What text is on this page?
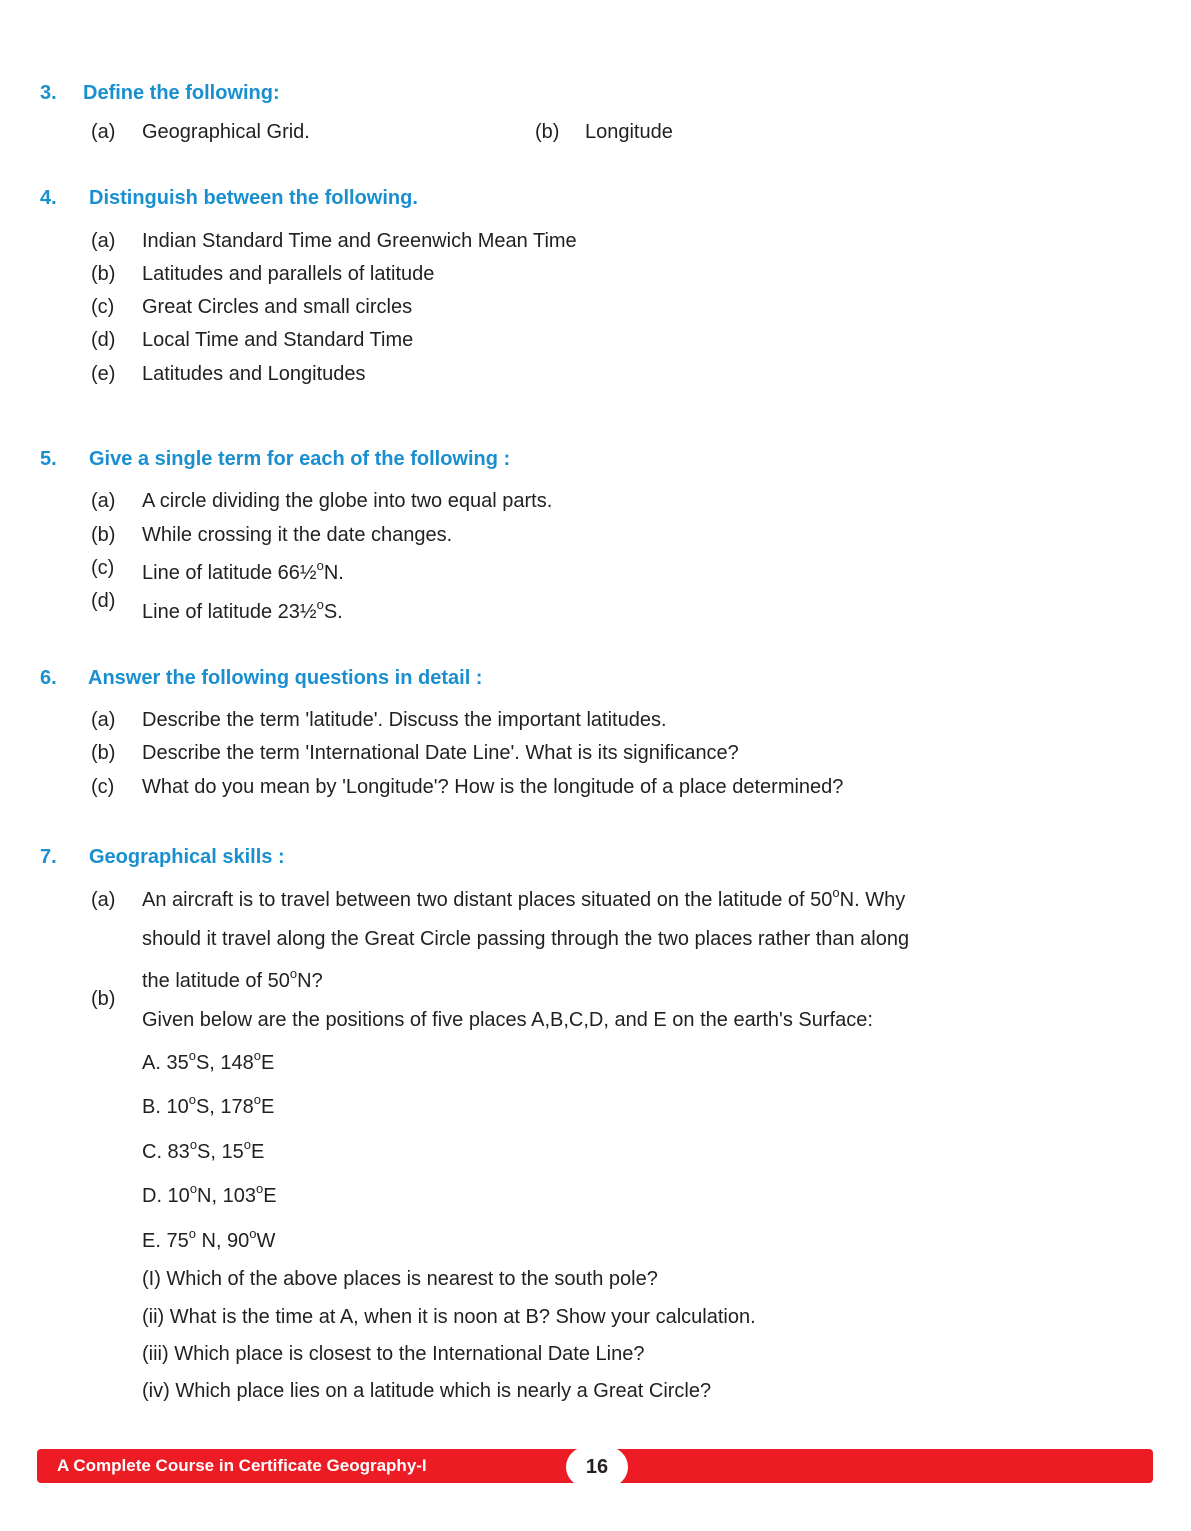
3. Define the following:
(a) Geographical Grid.	(b) Longitude
4. Distinguish between the following.
(a) Indian Standard Time and Greenwich Mean Time
(b) Latitudes and parallels of latitude
(c) Great Circles and small circles
(d) Local Time and Standard Time
(e) Latitudes and Longitudes
5. Give a single term for each of the following :
(a) A circle dividing the globe into two equal parts.
(b) While crossing it the date changes.
(c) Line of latitude 66½$^o$N.
(d) Line of latitude 23½$^o$S.
6. Answer the following questions in detail :
(a) Describe the term 'latitude'. Discuss the important latitudes.
(b) Describe the term 'International Date Line'. What is its significance?
(c) What do you mean by 'Longitude'? How is the longitude of a place determined?
7. Geographical skills :
(a) An aircraft is to travel between two distant places situated on the latitude of 50$^o$N. Why
should it travel along the Great Circle passing through the two places rather than along
the latitude of 50$^o$N?
(b)
Given below are the positions of five places A,B,C,D, and E on the earth's Surface:
A. 35$^o$S, 148$^o$E
B. 10$^o$S, 178$^o$E
C. 83$^o$S, 15$^o$E
D. 10$^o$N, 103$^o$E
E. 75$^o$ N, 90$^o$W
(I) Which of the above places is nearest to the south pole?
(ii) What is the time at A, when it is noon at B? Show your calculation.
(iii) Which place is closest to the International Date Line?
(iv) Which place lies on a latitude which is nearly a Great Circle?
A Complete Course in Certificate Geography-I	16
